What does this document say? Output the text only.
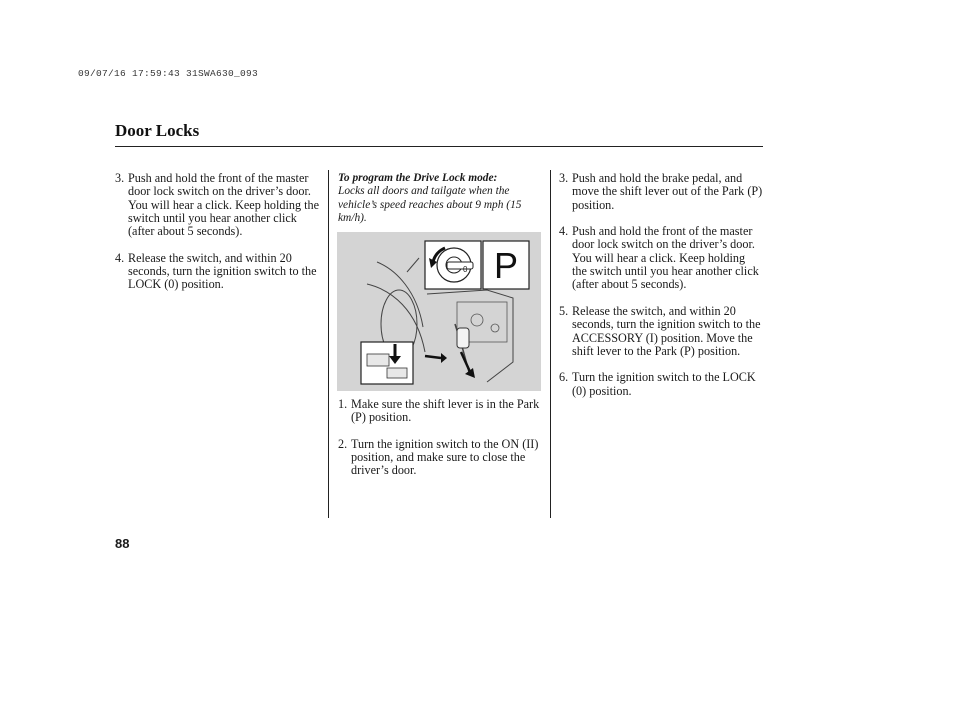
09/07/16 17:59:43 31SWA630_093
Door Locks
3. Push and hold the front of the master door lock switch on the driver’s door. You will hear a click. Keep holding the switch until you hear another click (after about 5 seconds).
4. Release the switch, and within 20 seconds, turn the ignition switch to the LOCK (0) position.
To program the Drive Lock mode:
Locks all doors and tailgate when the vehicle’s speed reaches about 9 mph (15 km/h).
P
0
1. Make sure the shift lever is in the Park (P) position.
2. Turn the ignition switch to the ON (II) position, and make sure to close the driver’s door.
3. Push and hold the brake pedal, and move the shift lever out of the Park (P) position.
4. Push and hold the front of the master door lock switch on the driver’s door. You will hear a click. Keep holding the switch until you hear another click (after about 5 seconds).
5. Release the switch, and within 20 seconds, turn the ignition switch to the ACCESSORY (I) position. Move the shift lever to the Park (P) position.
6. Turn the ignition switch to the LOCK (0) position.
88
